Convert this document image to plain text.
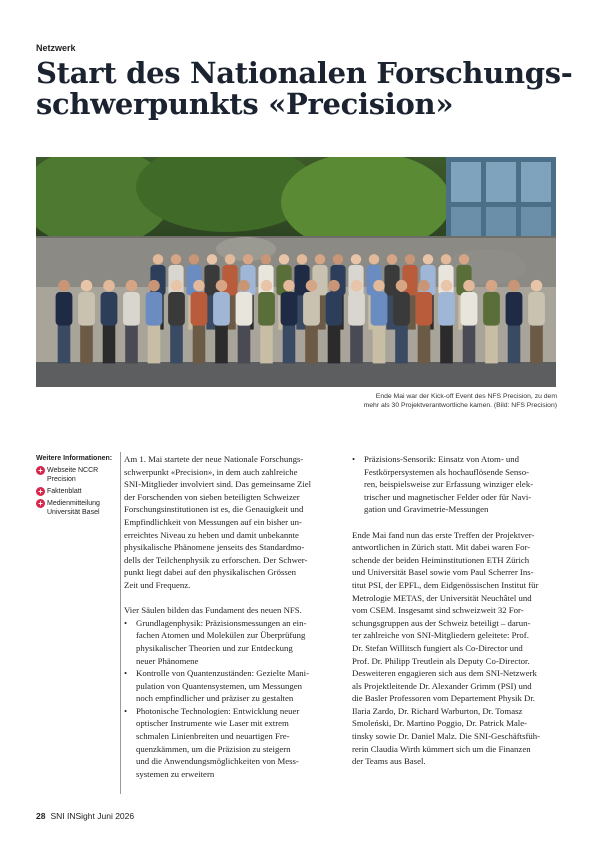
Netzwerk
Start des Nationalen Forschungs-
schwerpunkts «Precision»
Ende Mai war der Kick-off Event des NFS Precision, zu dem
mehr als 30 Projektverantwortliche kamen. (Bild: NFS Precision)
Weitere Informationen:
+ Webseite NCCR
Precision
+ Faktenblatt
+ Medienmitteilung
Universität Basel

Am 1. Mai startete der neue Nationale Forschungs-
schwerpunkt «Precision», in dem auch zahlreiche
SNI-Mitglieder involviert sind. Das gemeinsame Ziel
der Forschenden von sieben beteiligten Schweizer
Forschungsinstitutionen ist es, die Genauigkeit und
Empfindlichkeit von Messungen auf ein bisher un-
erreichtes Niveau zu heben und damit unbekannte
physikalische Phänomene jenseits des Standardmo-
dells der Teilchenphysik zu erforschen. Der Schwer-
punkt liegt dabei auf den physikalischen Grössen
Zeit und Frequenz.

Vier Säulen bilden das Fundament des neuen NFS.

• Grundlagenphysik: Präzisionsmessungen an ein-
fachen Atomen und Molekülen zur Überprüfung
physikalischer Theorien und zur Entdeckung
neuer Phänomene
• Kontrolle von Quantenzuständen: Gezielte Mani-
pulation von Quantensystemen, um Messungen
noch empfindlicher und präziser zu gestalten
• Photonische Technologien: Entwicklung neuer
optischer Instrumente wie Laser mit extrem
schmalen Linienbreiten und neuartigen Fre-
quenzkämmen, um die Präzision zu steigern
und die Anwendungsmöglichkeiten von Mess-
systemen zu erweitern
• Präzisions-Sensorik: Einsatz von Atom- und
Festkörpersystemen als hochauflösende Senso-
ren, beispielsweise zur Erfassung winziger elek-
trischer und magnetischer Felder oder für Navi-
gation und Gravimetrie-Messungen

Ende Mai fand nun das erste Treffen der Projektver-
antwortlichen in Zürich statt. Mit dabei waren For-
schende der beiden Heiminstitutionen ETH Zürich
und Universität Basel sowie vom Paul Scherrer Ins-
titut PSI, der EPFL, dem Eidgenössischen Institut für
Metrologie METAS, der Universität Neuchâtel und
vom CSEM. Insgesamt sind schweizweit 32 For-
schungsgruppen aus der Schweiz beteiligt – darun-
ter zahlreiche von SNI-Mitgliedern geleitete: Prof.
Dr. Stefan Willitsch fungiert als Co-Director und
Prof. Dr. Philipp Treutlein als Deputy Co-Director.
Desweiteren engagieren sich aus dem SNI-Netzwerk
als Projektleitende Dr. Alexander Grimm (PSI) und
die Basler Professoren vom Departement Physik Dr.
Ilaria Zardo, Dr. Richard Warburton, Dr. Tomasz
Smoleński, Dr. Martino Poggio, Dr. Patrick Male-
tinsky sowie Dr. Daniel Malz. Die SNI-Geschäftsfüh-
rerin Claudia Wirth kümmert sich um die Finanzen
der Teams aus Basel.

28 SNI INSight Juni 2026
